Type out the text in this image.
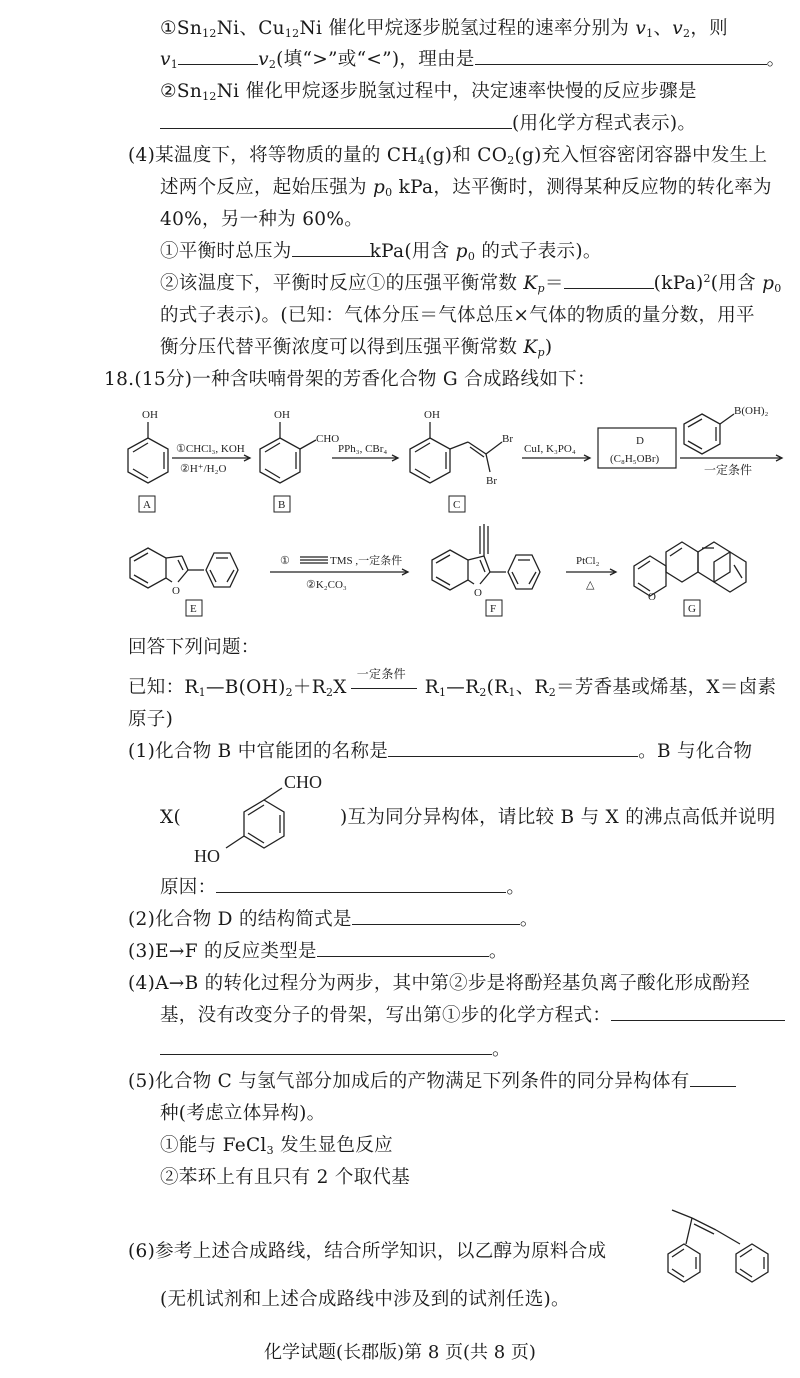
$①Sn_{12}Ni$、$Cu_{12}Ni$ 催化甲烷逐步脱氢过程的速率分别为 $v_1$、$v_2$，则
$v_1$	$v_2$(填“>”或“<”)，理由是	。
$②Sn_{12}Ni$ 催化甲烷逐步脱氢过程中，决定速率快慢的反应步骤是
(用化学方程式表示)。
(4)某温度下，将等物质的量的 $CH_4(g)$和 $CO_2(g)$充入恒容密闭容器中发生上
述两个反应，起始压强为 $p_0$ kPa，达平衡时，测得某种反应物的转化率为
40%，另一种为 60%。
①平衡时总压为	kPa(用含 $p_0$ 的式子表示)。
②该温度下，平衡时反应①的压强平衡常数 $K_p=$	(kPa)$^2$(用含 $p_0$
的式子表示)。(已知：气体分压＝气体总压×气体的物质的量分数，用平
衡分压代替平衡浓度可以得到压强平衡常数 $K_p$)
18.(15分)一种含呋喃骨架的芳香化合物 G 合成路线如下：
OH
①CHCl₃, KOH
②H⁺/H₂O
OH
CHO
PPh₃, CBr₄
OH
Br
Br
CuI, K₃PO₄
D
(C₈H₅OBr)
B(OH)₂
一定条件
O
①	TMS ,一定条件
②K₂CO₃
O
PtCl₂
△
O
A	B	C
E	F	G
回答下列问题：
已知：$R_1—B(OH)_2+R_2X$
一定条件
$R_1—R_2(R_1$、$R_2=$芳香基或烯基，X＝卤素
原子)
(1)化合物 B 中官能团的名称是	。B 与化合物
X(
CHO
HO
)互为同分异构体，请比较 B 与 X 的沸点高低并说明
原因：	。
(2)化合物 D 的结构简式是	。
(3)E→F 的反应类型是	。
(4)A→B 的转化过程分为两步，其中第②步是将酚羟基负离子酸化形成酚羟
基，没有改变分子的骨架，写出第①步的化学方程式：
。
(5)化合物 C 与氢气部分加成后的产物满足下列条件的同分异构体有
种(考虑立体异构)。
①能与 FeCl$_3$ 发生显色反应
②苯环上有且只有 2 个取代基
(6)参考上述合成路线，结合所学知识，以乙醇为原料合成
(无机试剂和上述合成路线中涉及到的试剂任选)。
化学试题(长郡版)第 8 页(共 8 页)
